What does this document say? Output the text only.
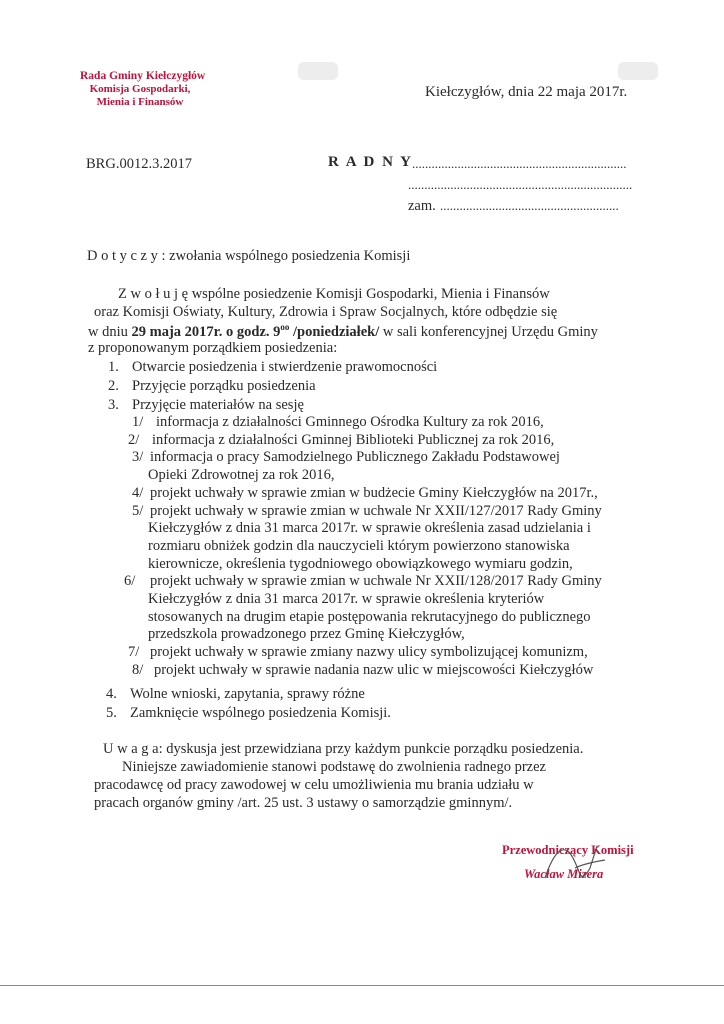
Rada Gminy Kiełczygłów
Komisja Gospodarki,
Mienia i Finansów
Kiełczygłów, dnia 22 maja 2017r.
BRG.0012.3.2017	R A D N Y ..................................................................
.....................................................................
zam. .......................................................
D o t y c z y : zwołania wspólnego posiedzenia Komisji
Z w o ł u j ę wspólne posiedzenie Komisji Gospodarki, Mienia i Finansów
oraz Komisji Oświaty, Kultury, Zdrowia i Spraw Socjalnych, które odbędzie się
w dniu 29 maja 2017r. o godz. $9^{oo}$ /poniedziałek/ w sali konferencyjnej Urzędu Gminy
z proponowanym porządkiem posiedzenia:
1. Otwarcie posiedzenia i stwierdzenie prawomocności
2. Przyjęcie porządku posiedzenia
3. Przyjęcie materiałów na sesję
1/ informacja z działalności Gminnego Ośrodka Kultury za rok 2016,
2/ informacja z działalności Gminnej Biblioteki Publicznej za rok 2016,
3/ informacja o pracy Samodzielnego Publicznego Zakładu Podstawowej
Opieki Zdrowotnej za rok 2016,
4/ projekt uchwały w sprawie zmian w budżecie Gminy Kiełczygłów na 2017r.,
5/ projekt uchwały w sprawie zmian w uchwale Nr XXII/127/2017 Rady Gminy
Kiełczygłów z dnia 31 marca 2017r. w sprawie określenia zasad udzielania i
rozmiaru obniżek godzin dla nauczycieli którym powierzono stanowiska
kierownicze, określenia tygodniowego obowiązkowego wymiaru godzin,
6/ projekt uchwały w sprawie zmian w uchwale Nr XXII/128/2017 Rady Gminy
Kiełczygłów z dnia 31 marca 2017r. w sprawie określenia kryteriów
stosowanych na drugim etapie postępowania rekrutacyjnego do publicznego
przedszkola prowadzonego przez Gminę Kiełczygłów,
7/ projekt uchwały w sprawie zmiany nazwy ulicy symbolizującej komunizm,
8/ projekt uchwały w sprawie nadania nazw ulic w miejscowości Kiełczygłów
4. Wolne wnioski, zapytania, sprawy różne
5. Zamknięcie wspólnego posiedzenia Komisji.
U w a g a: dyskusja jest przewidziana przy każdym punkcie porządku posiedzenia.
Niniejsze zawiadomienie stanowi podstawę do zwolnienia radnego przez
pracodawcę od pracy zawodowej w celu umożliwienia mu brania udziału w
pracach organów gminy /art. 25 ust. 3 ustawy o samorządzie gminnym/.
Przewodniczący Komisji
Wacław Mizera
